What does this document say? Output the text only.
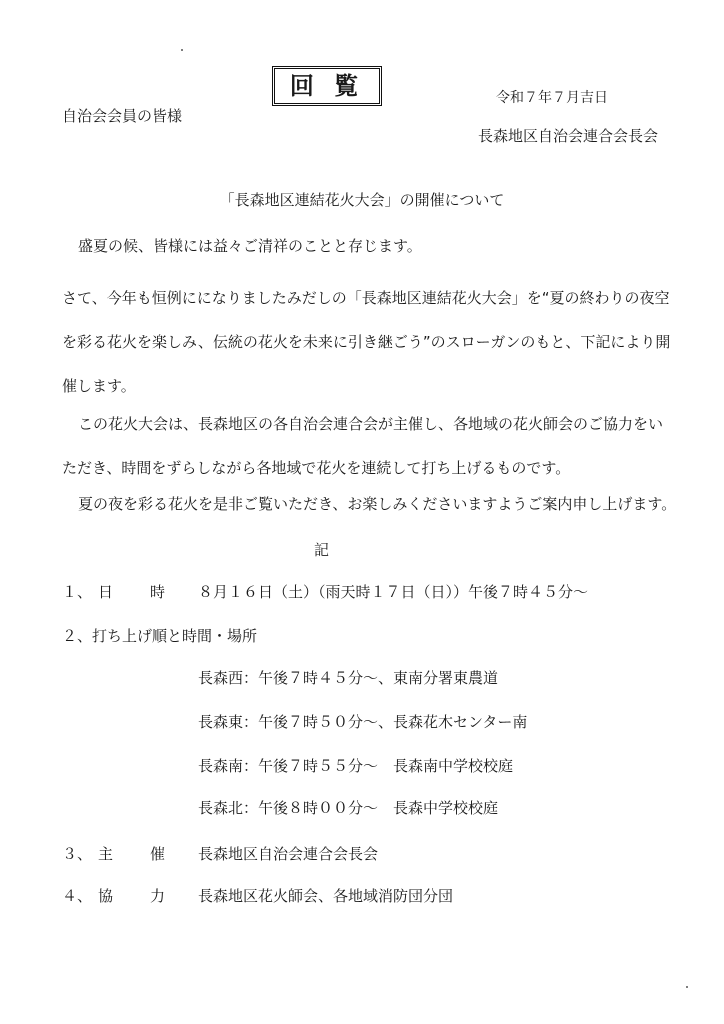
回 覧	令和７年７月吉日
自治会会員の皆様
長森地区自治会連合会長会
「長森地区連結花火大会」の開催について
盛夏の候、皆様には益々ご清祥のことと存じます。
さて、今年も恒例にになりましたみだしの「長森地区連結花火大会」を“夏の終わりの夜空を彩る花火を楽しみ、伝統の花火を未来に引き継ごう”のスローガンのもと、下記により開催します。
この花火大会は、長森地区の各自治会連合会が主催し、各地域の花火師会のご協力をいただき、時間をずらしながら各地域で花火を連続して打ち上げるものです。
夏の夜を彩る花火を是非ご覧いただき、お楽しみくださいますようご案内申し上げます。
記
１、 日 時 ８月１６日（土）（雨天時１７日（日））午後７時４５分～
２、打ち上げ順と時間・場所
長森西：午後７時４５分～、東南分署東農道
長森東：午後７時５０分～、長森花木センター南
長森南：午後７時５５分～　長森南中学校校庭
長森北：午後８時００分～　長森中学校校庭
３、 主 催 長森地区自治会連合会長会
４、 協 力 長森地区花火師会、各地域消防団分団
